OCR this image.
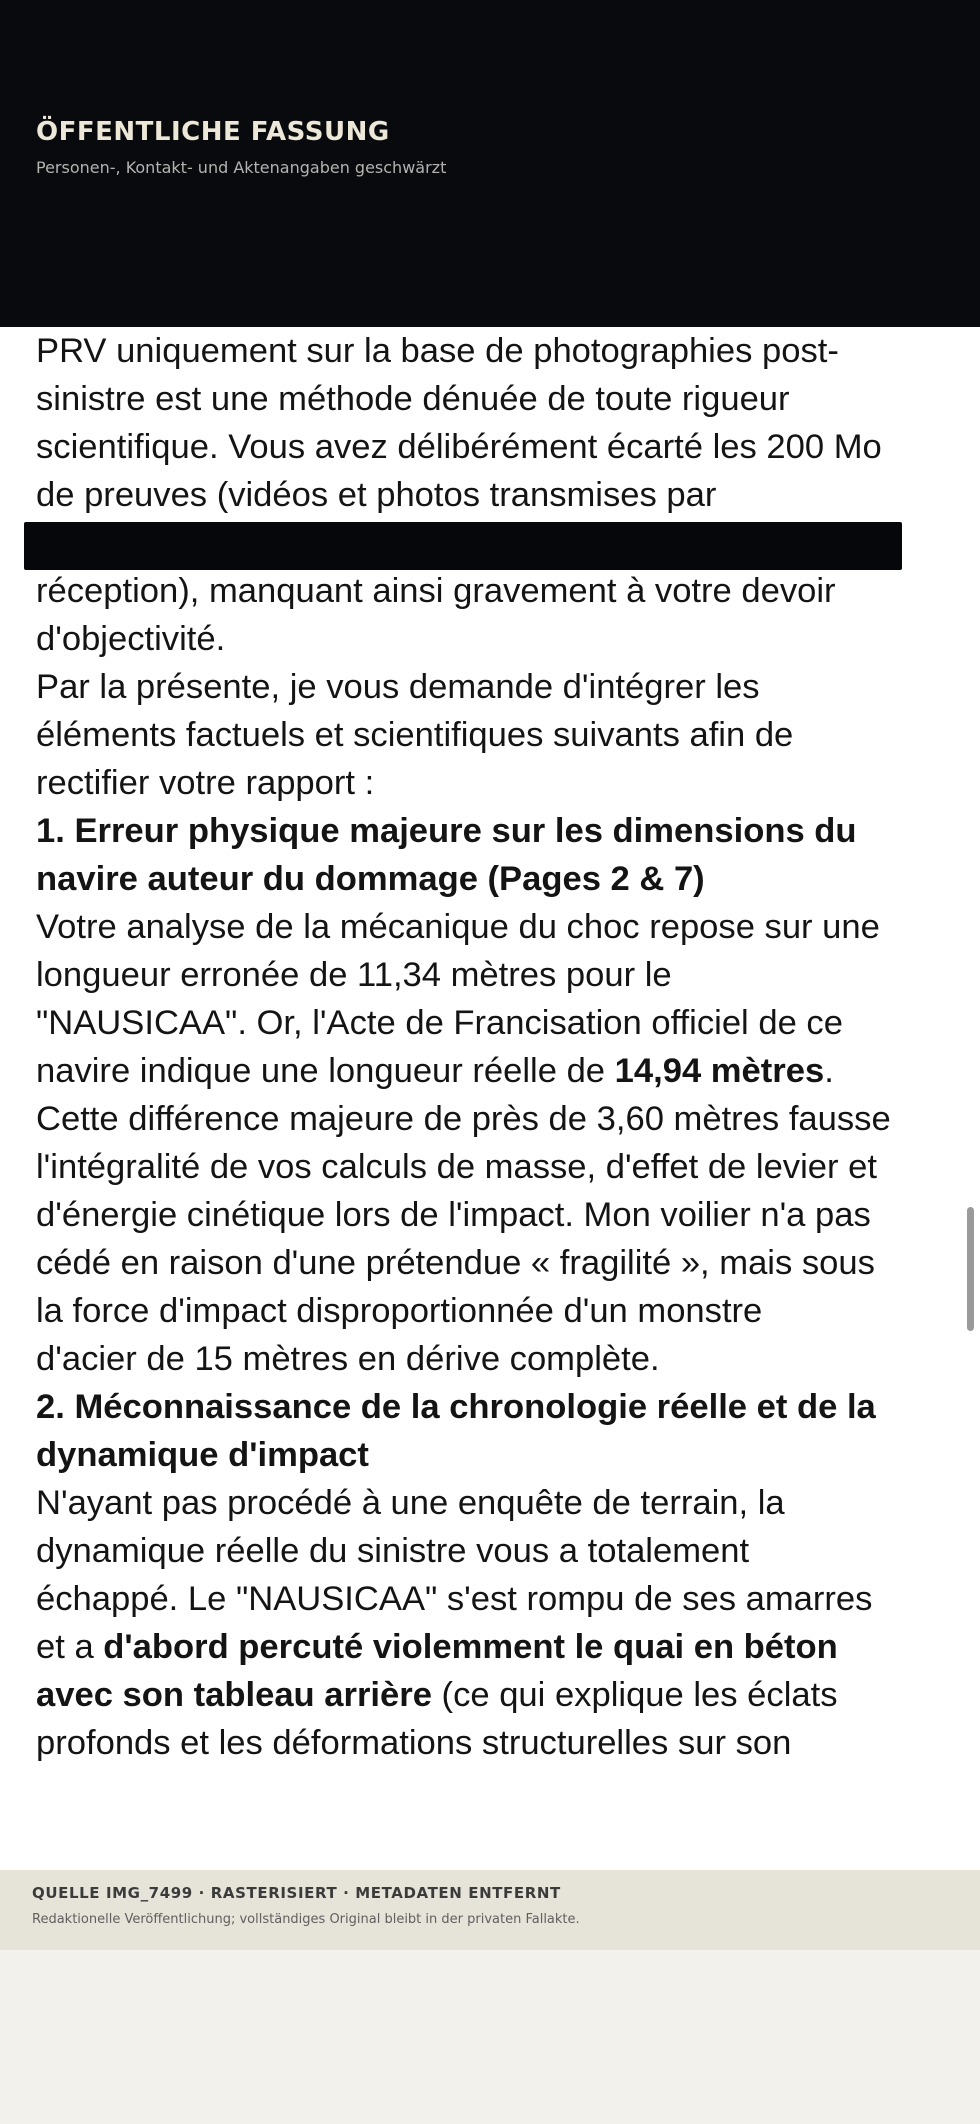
ÖFFENTLICHE FASSUNG
Personen-, Kontakt- und Aktenangaben geschwärzt

PRV uniquement sur la base de photographies post-
sinistre est une méthode dénuée de toute rigueur
scientifique. Vous avez délibérément écarté les 200 Mo
de preuves (vidéos et photos transmises par

réception), manquant ainsi gravement à votre devoir
d'objectivité.

Par la présente, je vous demande d'intégrer les
éléments factuels et scientifiques suivants afin de
rectifier votre rapport :

1. Erreur physique majeure sur les dimensions du
navire auteur du dommage (Pages 2 & 7)
Votre analyse de la mécanique du choc repose sur une
longueur erronée de 11,34 mètres pour le
"NAUSICAA". Or, l'Acte de Francisation officiel de ce
navire indique une longueur réelle de 14,94 mètres.
Cette différence majeure de près de 3,60 mètres fausse
l'intégralité de vos calculs de masse, d'effet de levier et
d'énergie cinétique lors de l'impact. Mon voilier n'a pas
cédé en raison d'une prétendue « fragilité », mais sous
la force d'impact disproportionnée d'un monstre
d'acier de 15 mètres en dérive complète.

2. Méconnaissance de la chronologie réelle et de la
dynamique d'impact
N'ayant pas procédé à une enquête de terrain, la
dynamique réelle du sinistre vous a totalement
échappé. Le "NAUSICAA" s'est rompu de ses amarres
et a d'abord percuté violemment le quai en béton
avec son tableau arrière (ce qui explique les éclats
profonds et les déformations structurelles sur son

QUELLE IMG_7499 · RASTERISIERT · METADATEN ENTFERNT
Redaktionelle Veröffentlichung; vollständiges Original bleibt in der privaten Fallakte.
